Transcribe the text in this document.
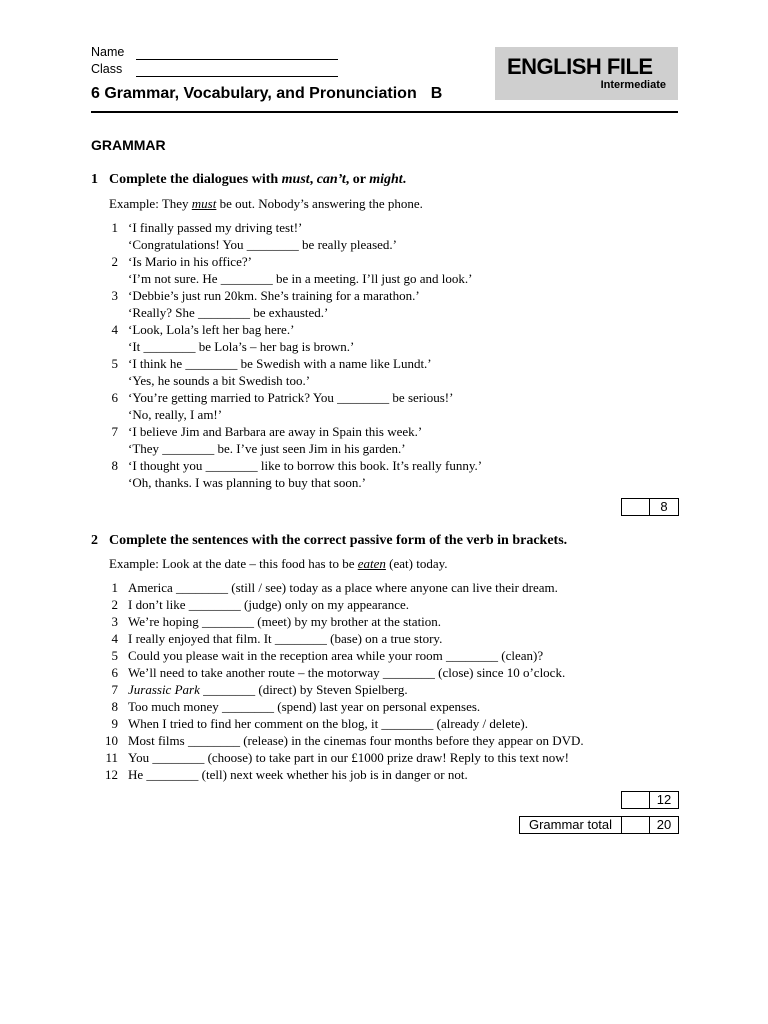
Name
Class
6 Grammar, Vocabulary, and Pronunciation B
ENGLISH FILE
Intermediate
GRAMMAR
1 Complete the dialogues with must, can’t, or might.
Example: They must be out. Nobody’s answering the phone.
1 ‘I finally passed my driving test!’
‘Congratulations! You ________ be really pleased.’
2 ‘Is Mario in his office?’
‘I’m not sure. He ________ be in a meeting. I’ll just go and look.’
3 ‘Debbie’s just run 20km. She’s training for a marathon.’
‘Really? She ________ be exhausted.’
4 ‘Look, Lola’s left her bag here.’
‘It ________ be Lola’s – her bag is brown.’
5 ‘I think he ________ be Swedish with a name like Lundt.’
‘Yes, he sounds a bit Swedish too.’
6 ‘You’re getting married to Patrick? You ________ be serious!’
‘No, really, I am!’
7 ‘I believe Jim and Barbara are away in Spain this week.’
‘They ________ be. I’ve just seen Jim in his garden.’
8 ‘I thought you ________ like to borrow this book. It’s really funny.’
‘Oh, thanks. I was planning to buy that soon.’
8
2 Complete the sentences with the correct passive form of the verb in brackets.
Example: Look at the date – this food has to be eaten (eat) today.
1 America ________ (still / see) today as a place where anyone can live their dream.
2 I don’t like ________ (judge) only on my appearance.
3 We’re hoping ________ (meet) by my brother at the station.
4 I really enjoyed that film. It ________ (base) on a true story.
5 Could you please wait in the reception area while your room ________ (clean)?
6 We’ll need to take another route – the motorway ________ (close) since 10 o’clock.
7 Jurassic Park ________ (direct) by Steven Spielberg.
8 Too much money ________ (spend) last year on personal expenses.
9 When I tried to find her comment on the blog, it ________ (already / delete).
10 Most films ________ (release) in the cinemas four months before they appear on DVD.
11 You ________ (choose) to take part in our £1000 prize draw! Reply to this text now!
12 He ________ (tell) next week whether his job is in danger or not.
12
Grammar total	20
